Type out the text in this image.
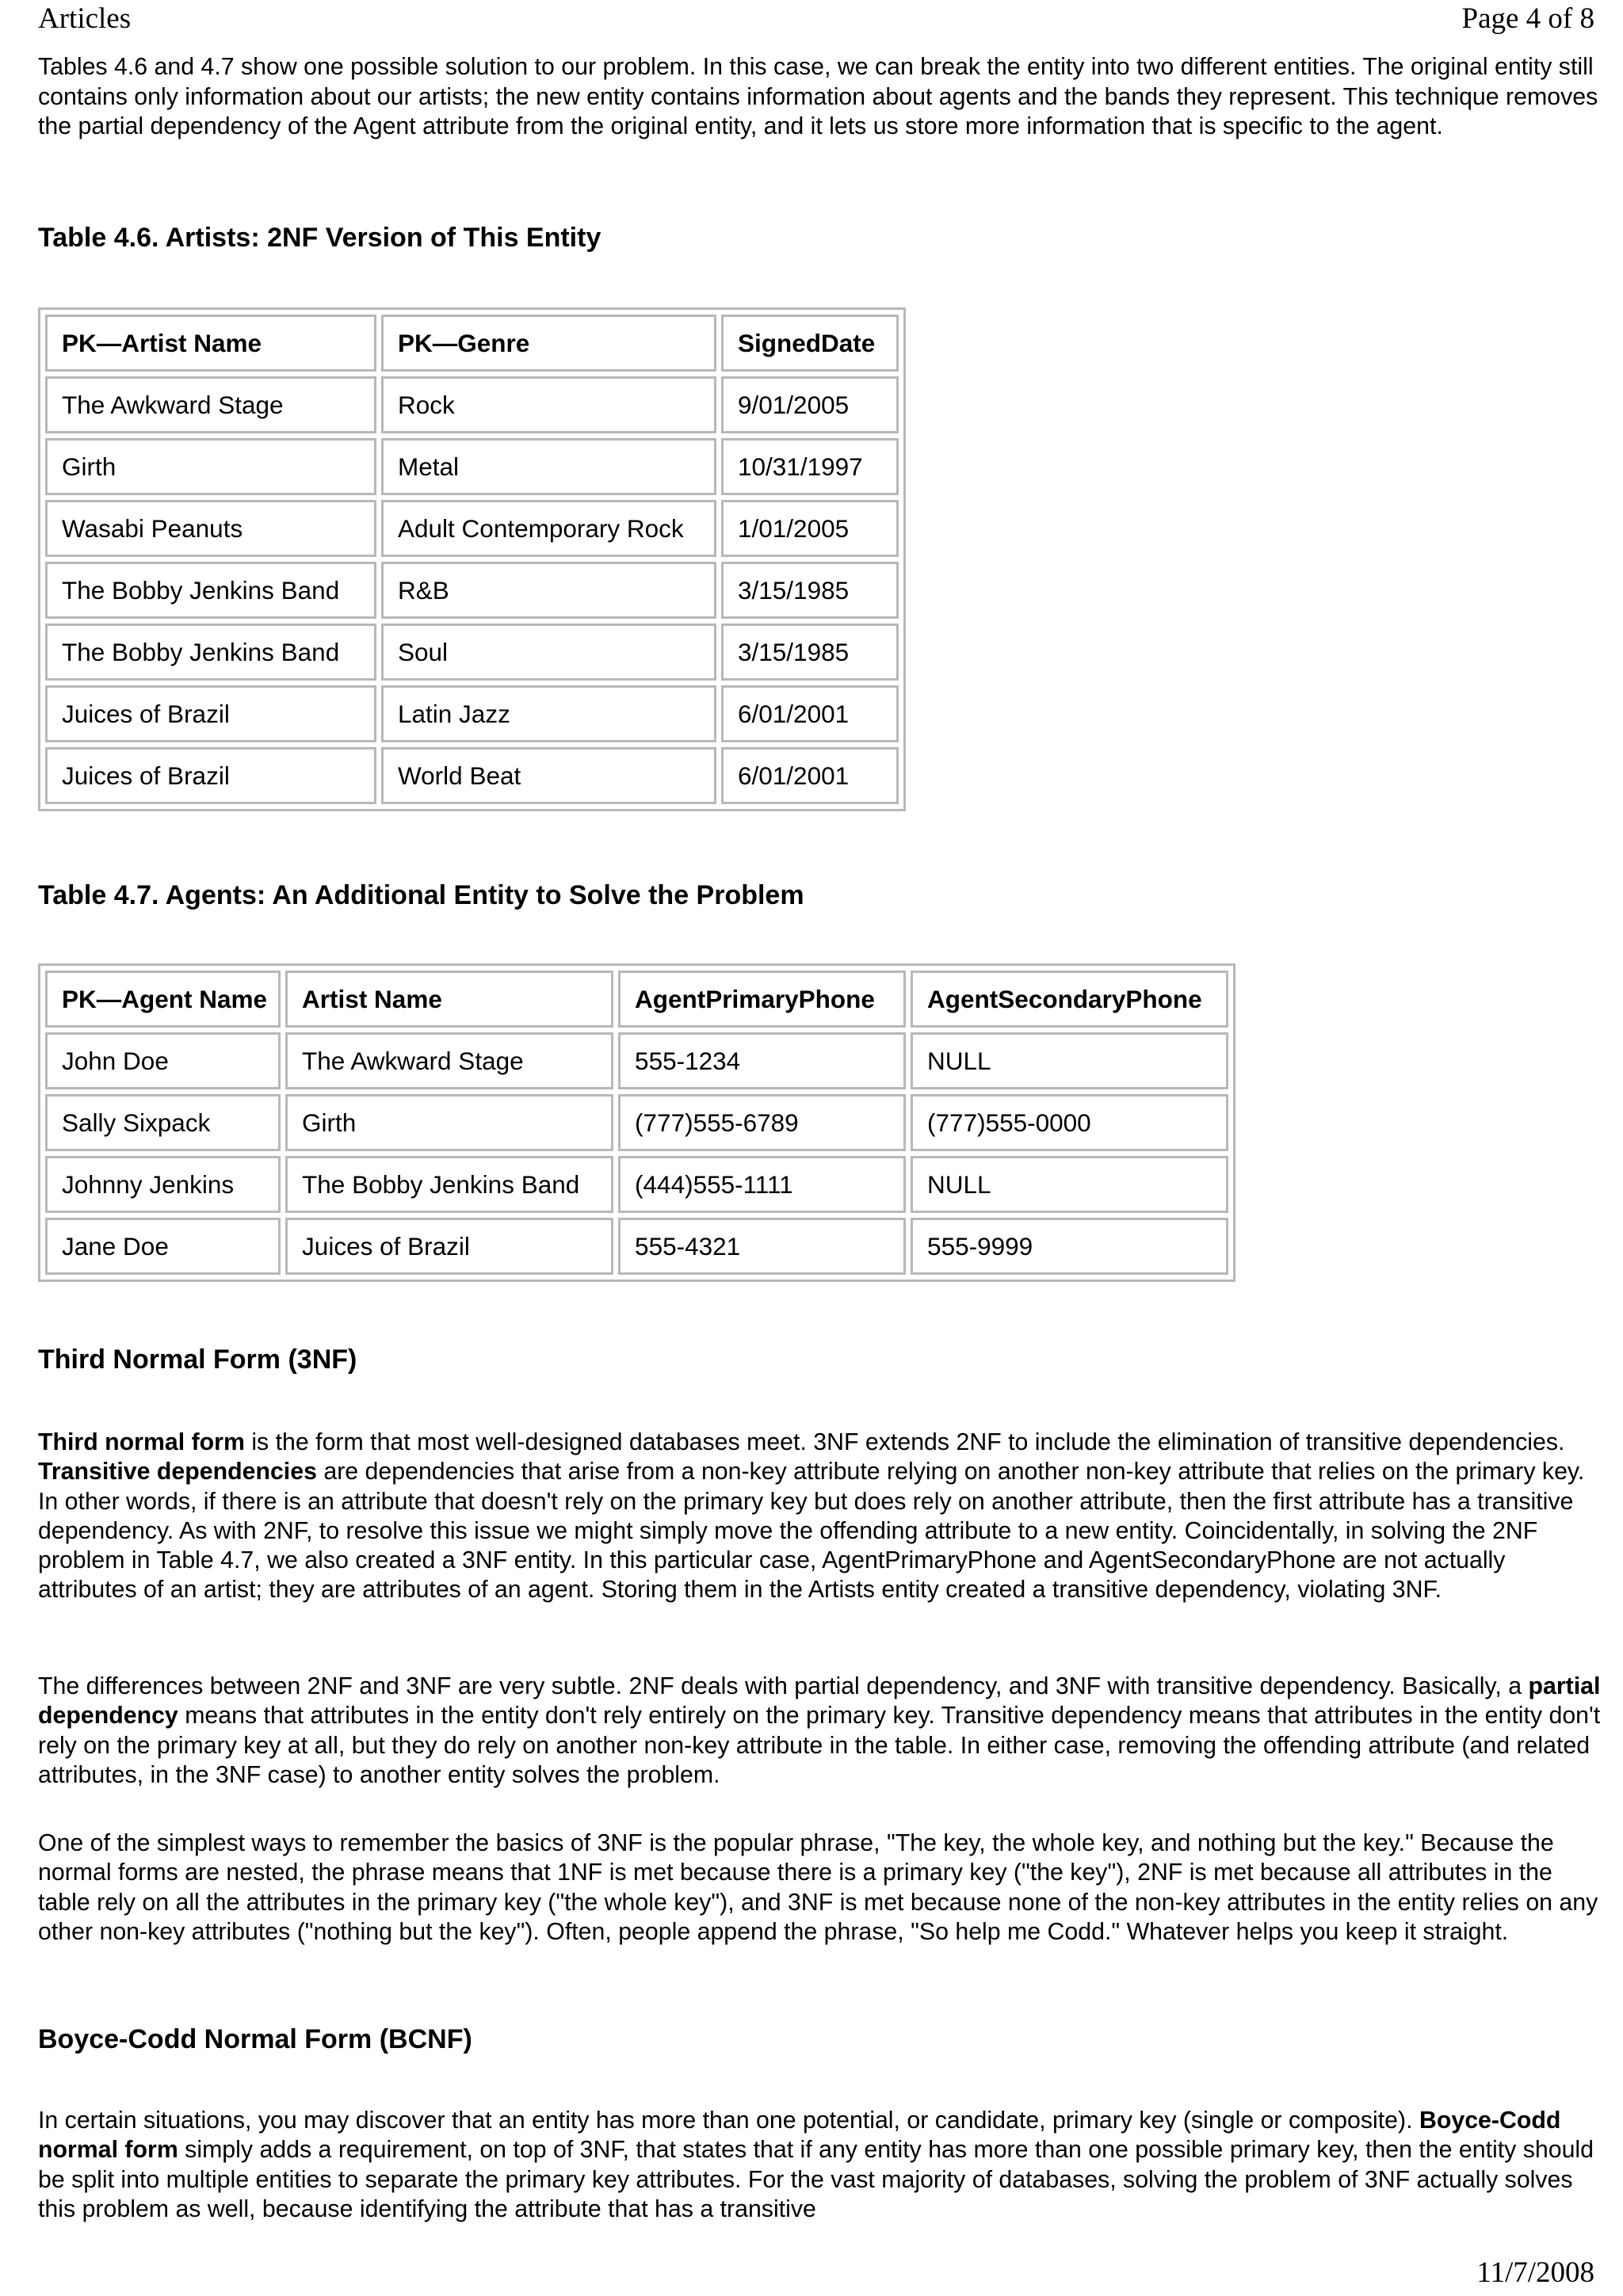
Articles	Page 4 of 8

Tables 4.6 and 4.7 show one possible solution to our problem. In this case, we can break the entity into two different entities. The original entity still contains only information about our artists; the new entity contains information about agents and the bands they represent. This technique removes the partial dependency of the Agent attribute from the original entity, and it lets us store more information that is specific to the agent.

Table 4.6. Artists: 2NF Version of This Entity

PK—Artist Name	PK—Genre	SignedDate
The Awkward Stage	Rock	9/01/2005
Girth	Metal	10/31/1997
Wasabi Peanuts	Adult Contemporary Rock	1/01/2005
The Bobby Jenkins Band	R&B	3/15/1985
The Bobby Jenkins Band	Soul	3/15/1985
Juices of Brazil	Latin Jazz	6/01/2001
Juices of Brazil	World Beat	6/01/2001

Table 4.7. Agents: An Additional Entity to Solve the Problem

PK—Agent Name	Artist Name	AgentPrimaryPhone	AgentSecondaryPhone
John Doe	The Awkward Stage	555-1234	NULL
Sally Sixpack	Girth	(777)555-6789	(777)555-0000
Johnny Jenkins	The Bobby Jenkins Band	(444)555-1111	NULL
Jane Doe	Juices of Brazil	555-4321	555-9999

Third Normal Form (3NF)

Third normal form is the form that most well-designed databases meet. 3NF extends 2NF to include the elimination of transitive dependencies. Transitive dependencies are dependencies that arise from a non-key attribute relying on another non-key attribute that relies on the primary key. In other words, if there is an attribute that doesn't rely on the primary key but does rely on another attribute, then the first attribute has a transitive dependency. As with 2NF, to resolve this issue we might simply move the offending attribute to a new entity. Coincidentally, in solving the 2NF problem in Table 4.7, we also created a 3NF entity. In this particular case, AgentPrimaryPhone and AgentSecondaryPhone are not actually attributes of an artist; they are attributes of an agent. Storing them in the Artists entity created a transitive dependency, violating 3NF.

The differences between 2NF and 3NF are very subtle. 2NF deals with partial dependency, and 3NF with transitive dependency. Basically, a partial dependency means that attributes in the entity don't rely entirely on the primary key. Transitive dependency means that attributes in the entity don't rely on the primary key at all, but they do rely on another non-key attribute in the table. In either case, removing the offending attribute (and related attributes, in the 3NF case) to another entity solves the problem.

One of the simplest ways to remember the basics of 3NF is the popular phrase, "The key, the whole key, and nothing but the key." Because the normal forms are nested, the phrase means that 1NF is met because there is a primary key ("the key"), 2NF is met because all attributes in the table rely on all the attributes in the primary key ("the whole key"), and 3NF is met because none of the non-key attributes in the entity relies on any other non-key attributes ("nothing but the key"). Often, people append the phrase, "So help me Codd." Whatever helps you keep it straight.

Boyce-Codd Normal Form (BCNF)

In certain situations, you may discover that an entity has more than one potential, or candidate, primary key (single or composite). Boyce-Codd normal form simply adds a requirement, on top of 3NF, that states that if any entity has more than one possible primary key, then the entity should be split into multiple entities to separate the primary key attributes. For the vast majority of databases, solving the problem of 3NF actually solves this problem as well, because identifying the attribute that has a transitive

11/7/2008
